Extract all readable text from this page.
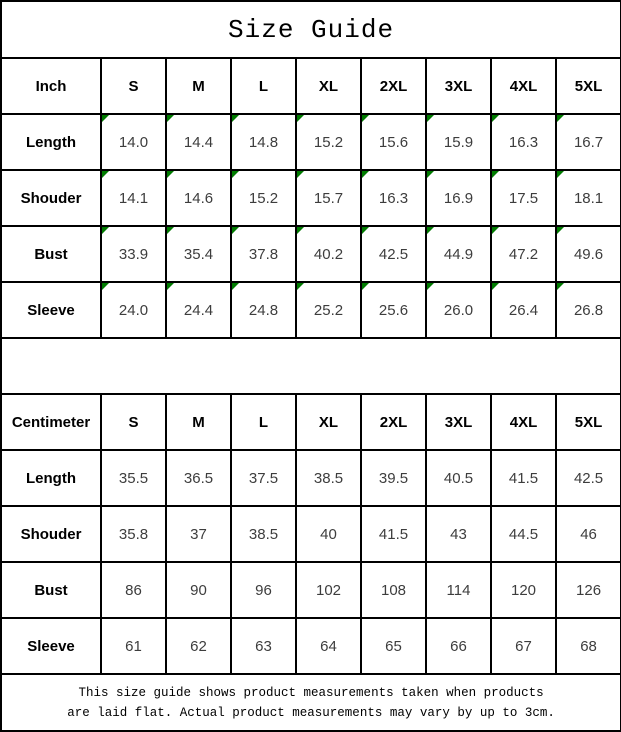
Size Guide								
Inch	S	M	L	XL	2XL	3XL	4XL	5XL
Length	14.0	14.4	14.8	15.2	15.6	15.9	16.3	16.7
Shouder	14.1	14.6	15.2	15.7	16.3	16.9	17.5	18.1
Bust	33.9	35.4	37.8	40.2	42.5	44.9	47.2	49.6
Sleeve	24.0	24.4	24.8	25.2	25.6	26.0	26.4	26.8

Centimeter	S	M	L	XL	2XL	3XL	4XL	5XL
Length	35.5	36.5	37.5	38.5	39.5	40.5	41.5	42.5
Shouder	35.8	37	38.5	40	41.5	43	44.5	46
Bust	86	90	96	102	108	114	120	126
Sleeve	61	62	63	64	65	66	67	68

This size guide shows product measurements taken when products
are laid flat. Actual product measurements may vary by up to 3cm.								
